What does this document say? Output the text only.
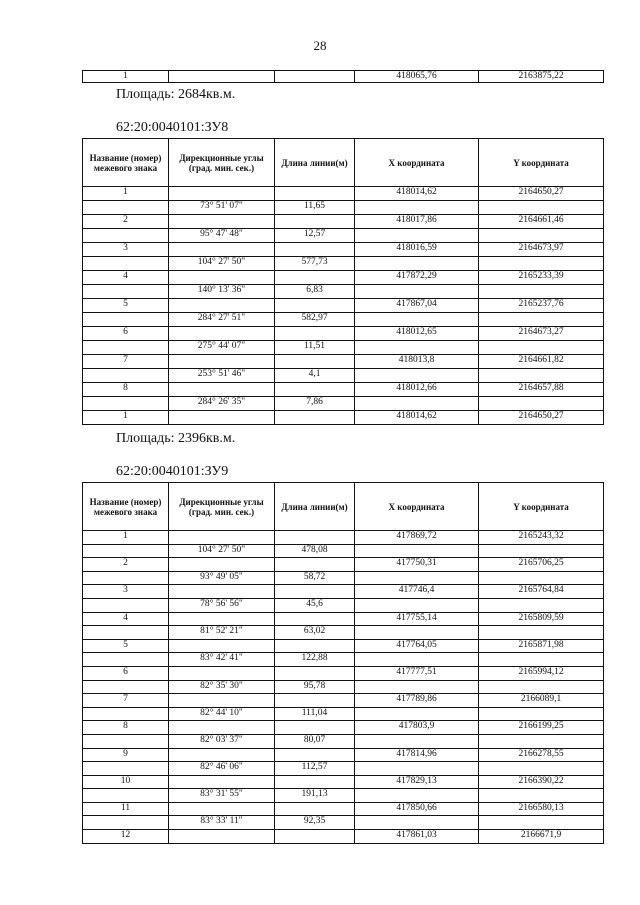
28
1			418065,76	2163875,22
Площадь: 2684кв.м.
62:20:0040101:ЗУ8
Название (номер) межевого знака	Дирекционные углы (град. мин. сек.)	Длина линии(м)	X координата	Y координата
1			418014,62	2164650,27
	73° 51' 07"	11,65		
2			418017,86	2164661,46
	95° 47' 48"	12,57		
3			418016,59	2164673,97
	104° 27' 50"	577,73		
4			417872,29	2165233,39
	140° 13' 36"	6,83		
5			417867,04	2165237,76
	284° 27' 51"	582,97		
6			418012,65	2164673,27
	275° 44' 07"	11,51		
7			418013,8	2164661,82
	253° 51' 46"	4,1		
8			418012,66	2164657,88
	284° 26' 35"	7,86		
1			418014,62	2164650,27
Площадь: 2396кв.м.
62:20:0040101:ЗУ9
Название (номер) межевого знака	Дирекционные углы (град. мин. сек.)	Длина линии(м)	X координата	Y координата
1			417869,72	2165243,32
	104° 27' 50"	478,08		
2			417750,31	2165706,25
	93° 49' 05"	58,72		
3			417746,4	2165764,84
	78° 56' 56"	45,6		
4			417755,14	2165809,59
	81° 52' 21"	63,02		
5			417764,05	2165871,98
	83° 42' 41"	122,88		
6			417777,51	2165994,12
	82° 35' 30"	95,78		
7			417789,86	2166089,1
	82° 44' 10"	111,04		
8			417803,9	2166199,25
	82° 03' 37"	80,07		
9			417814,96	2166278,55
	82° 46' 06"	112,57		
10			417829,13	2166390,22
	83° 31' 55"	191,13		
11			417850,66	2166580,13
	83° 33' 11"	92,35		
12			417861,03	2166671,9
